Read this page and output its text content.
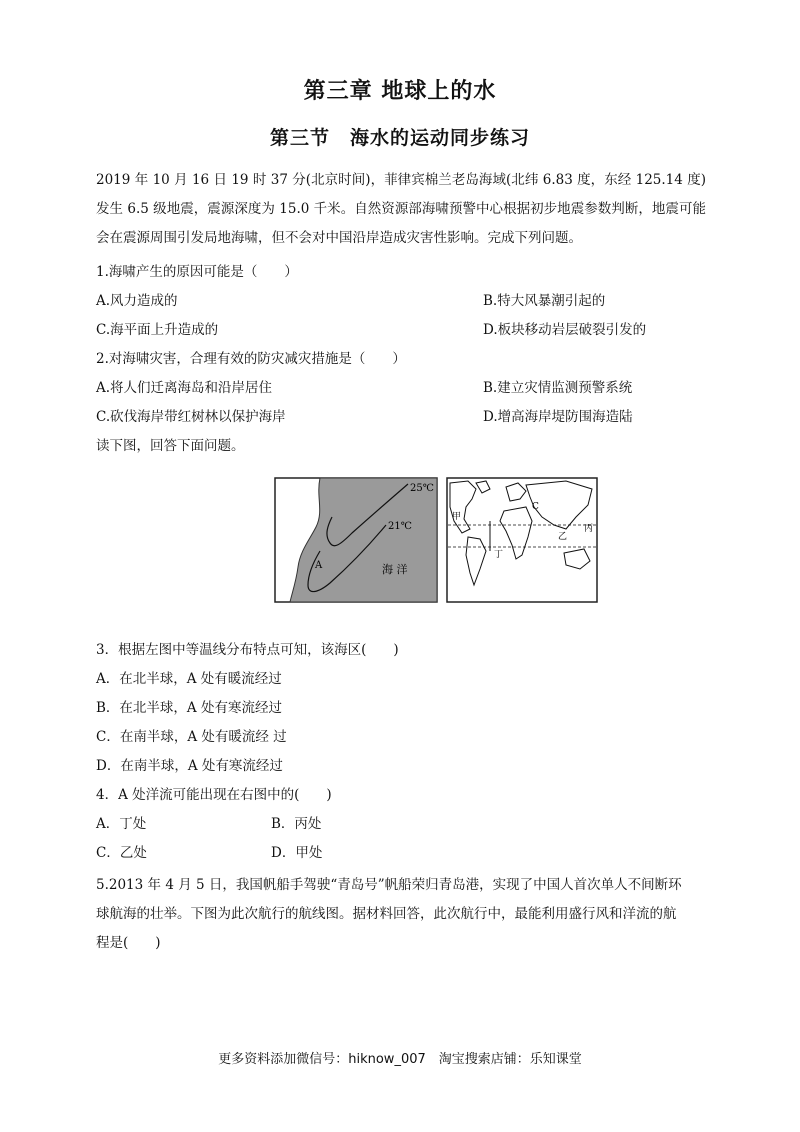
第三章 地球上的水
第三节　海水的运动同步练习
2019 年 10 月 16 日 19 时 37 分(北京时间)，菲律宾棉兰老岛海域(北纬 6.83 度，东经 125.14 度)发生 6.5 级地震，震源深度为 15.0 千米。自然资源部海啸预警中心根据初步地震参数判断，地震可能会在震源周围引发局地海啸，但不会对中国沿岸造成灾害性影响。完成下列问题。
1.海啸产生的原因可能是（　　）
A.风力造成的	B.特大风暴潮引起的
C.海平面上升造成的	D.板块移动岩层破裂引发的
2.对海啸灾害，合理有效的防灾减灾措施是（　　）
A.将人们迁离海岛和沿岸居住	B.建立灾情监测预警系统
C.砍伐海岸带红树林以保护海岸	D.增高海岸堤防围海造陆
读下图，回答下面问题。
25℃
21℃
A	海 洋
甲
乙
丙
丁
C
3．根据左图中等温线分布特点可知，该海区(　　)
A．在北半球，A 处有暖流经过
B．在北半球，A 处有寒流经过
C．在南半球，A 处有暖流经 过
D．在南半球，A 处有寒流经过
4．A 处洋流可能出现在右图中的(　　)
A．丁处	B．丙处
C．乙处	D．甲处
5.2013 年 4 月 5 日，我国帆船手驾驶“青岛号”帆船荣归青岛港，实现了中国人首次单人不间断环
球航海的壮举。下图为此次航行的航线图。据材料回答，此次航行中，最能利用盛行风和洋流的航
程是(　　)
更多资料添加微信号：hiknow_007　淘宝搜索店铺：乐知课堂
